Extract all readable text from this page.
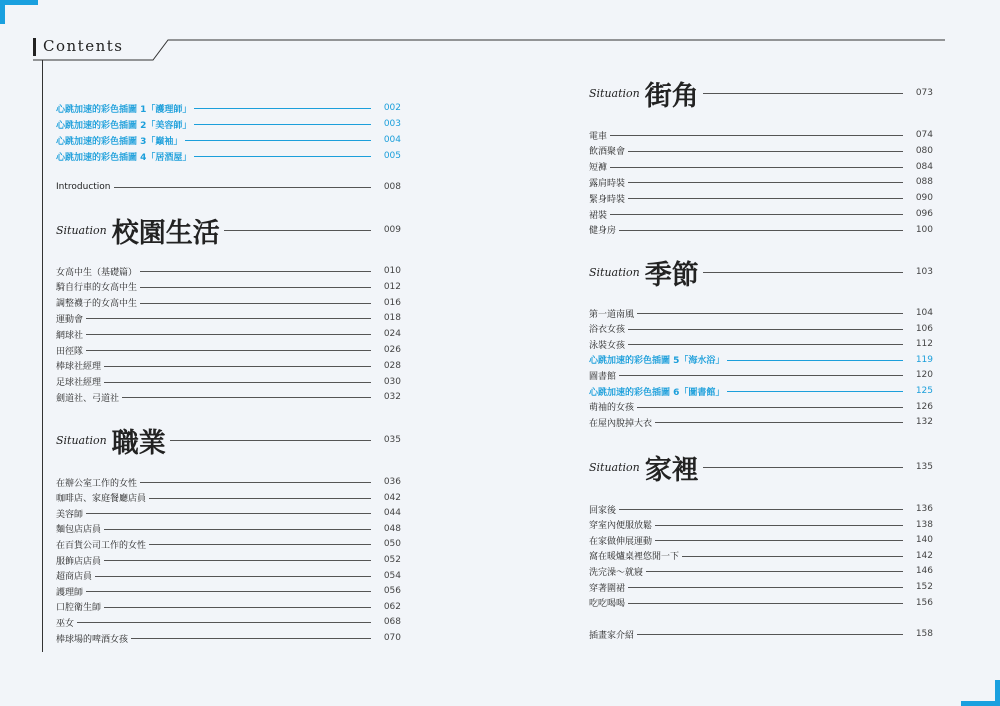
Contents
心跳加速的彩色插圖 1「護理師」	002
心跳加速的彩色插圖 2「美容師」	003
心跳加速的彩色插圖 3「巔袖」	004
心跳加速的彩色插圖 4「居酒屋」	005
Introduction	008
Situation 校園生活	009
女高中生（基礎篇）	010
騎自行車的女高中生	012
調整襪子的女高中生	016
運動會	018
網球社	024
田徑隊	026
棒球社經理	028
足球社經理	030
劍道社、弓道社	032
Situation 職業	035
在辦公室工作的女性	036
咖啡店、家庭餐廳店員	042
美容師	044
麵包店店員	048
在百貨公司工作的女性	050
服飾店店員	052
超商店員	054
護理師	056
口腔衛生師	062
巫女	068
棒球場的啤酒女孩	070
Situation 街角	073
電車	074
飲酒聚會	080
短褲	084
露肩時裝	088
緊身時裝	090
裙裝	096
健身房	100
Situation 季節	103
第一道南風	104
浴衣女孩	106
泳裝女孩	112
心跳加速的彩色插圖 5「海水浴」	119
圖書館	120
心跳加速的彩色插圖 6「圖書館」	125
萌袖的女孩	126
在屋內脫掉大衣	132
Situation 家裡	135
回家後	136
穿室內便服放鬆	138
在家做伸展運動	140
窩在暖爐桌裡悠閒一下	142
洗完澡～就寢	146
穿著圍裙	152
吃吃喝喝	156
插畫家介紹	158
